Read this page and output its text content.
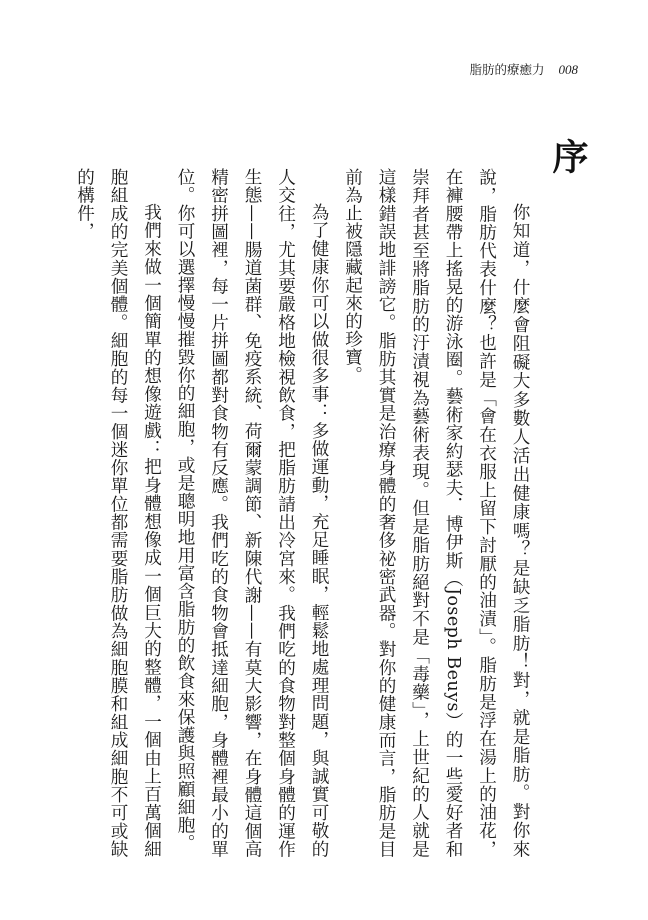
脂肪的療癒力 008
序

你知道，什麼會阻礙大多數人活出健康嗎？是缺乏脂肪！對，就是脂肪。對你來說，脂肪代表什麼？也許是「會在衣服上留下討厭的油漬」。脂肪是浮在湯上的油花，在褲腰帶上搖晃的游泳圈。藝術家約瑟夫．博伊斯（Joseph Beuys）的一些愛好者和崇拜者甚至將脂肪的汙漬視為藝術表現。但是脂肪絕對不是「毒藥」，上世紀的人就是這樣錯誤地誹謗它。脂肪其實是治療身體的奢侈祕密武器。對你的健康而言，脂肪是目前為止被隱藏起來的珍寶。

為了健康你可以做很多事：多做運動，充足睡眠，輕鬆地處理問題，與誠實可敬的人交往，尤其要嚴格地檢視飲食，把脂肪請出冷宮來。我們吃的食物對整個身體的運作生態——腸道菌群、免疫系統、荷爾蒙調節、新陳代謝——有莫大影響，在身體這個高精密拼圖裡，每一片拼圖都對食物有反應。我們吃的食物會抵達細胞，身體裡最小的單位。你可以選擇慢慢摧毀你的細胞，或是聰明地用富含脂肪的飲食來保護與照顧細胞。

我們來做一個簡單的想像遊戲：把身體想像成一個巨大的整體，一個由上百萬個細胞組成的完美個體。細胞的每一個迷你單位都需要脂肪做為細胞膜和組成細胞不可或缺的構件，
